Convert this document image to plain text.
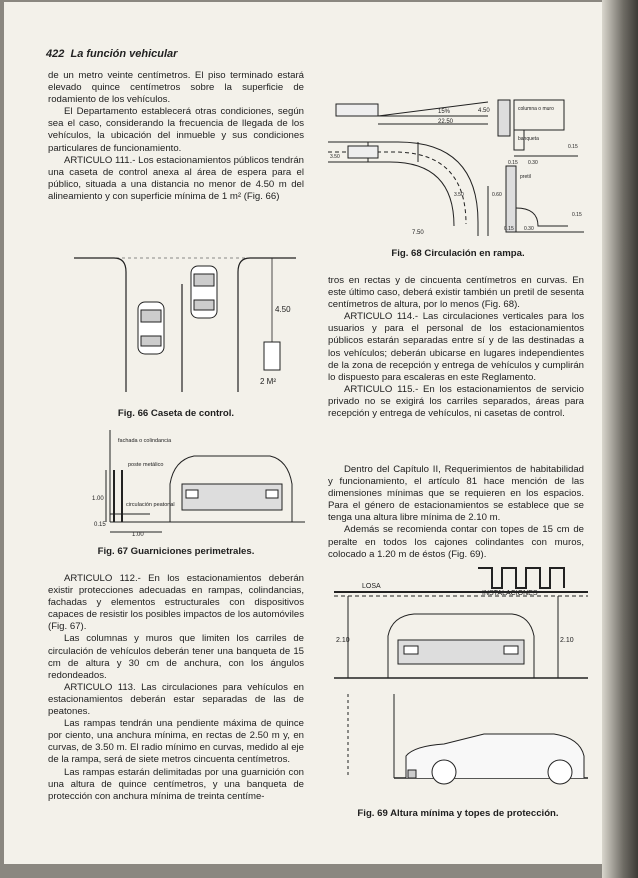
422 La función vehicular

de un metro veinte centímetros. El piso terminado estará elevado quince centímetros sobre la superficie de rodamiento de los vehículos.

El Departamento establecerá otras condiciones, según sea el caso, considerando la frecuencia de llegada de los vehículos, la ubicación del inmueble y sus condiciones particulares de funcionamiento.

ARTICULO 111.- Los estacionamientos públicos tendrán una caseta de control anexa al área de espera para el público, situada a una distancia no menor de 4.50 m del alineamiento y con superficie mínima de 1 m² (Fig. 66)

4.50
2 M²
Fig. 66 Caseta de control.
fachada o colindancia
poste metálico
1.00
circulación peatonal
1.00
0.15
Fig. 67 Guarniciones perimetrales.

ARTICULO 112.- En los estacionamientos deberán existir protecciones adecuadas en rampas, colindancias, fachadas y elementos estructurales con dispositivos capaces de resistir los posibles impactos de los automóviles (Fig. 67).

Las columnas y muros que limiten los carriles de circulación de vehículos deberán tener una banqueta de 15 cm de altura y 30 cm de anchura, con los ángulos redondeados.

ARTICULO 113. Las circulaciones para vehículos en estacionamientos deberán estar separadas de las de peatones.

Las rampas tendrán una pendiente máxima de quince por ciento, una anchura mínima, en rectas de 2.50 m y, en curvas, de 3.50 m. El radio mínimo en curvas, medido al eje de la rampa, será de siete metros cincuenta centímetros.

Las rampas estarán delimitadas por una guarnición con una altura de quince centímetros, y una banqueta de protección con anchura mínima de treinta centíme-

15%	4.50
22.50
columna o muro
banqueta
0.15
0.15 0.30
pretil
0.60
7.50
3.50
0.15
0.15 0.30
3.50
Fig. 68 Circulación en rampa.

tros en rectas y de cincuenta centímetros en curvas. En este último caso, deberá existir también un pretil de sesenta centímetros de altura, por lo menos (Fig. 68).

ARTICULO 114.- Las circulaciones verticales para los usuarios y para el personal de los estacionamientos públicos estarán separadas entre sí y de las destinadas a los vehículos; deberán ubicarse en lugares independientes de la zona de recepción y entrega de vehículos y cumplirán lo dispuesto para escaleras en este Reglamento.

ARTICULO 115.- En los estacionamientos de servicio privado no se exigirá los carriles separados, áreas para recepción y entrega de vehículos, ni casetas de control.

Dentro del Capítulo II, Requerimientos de habitabilidad y funcionamiento, el artículo 81 hace mención de las dimensiones mínimas que se requieren en los espacios. Para el género de estacionamientos se establece que se tenga una altura libre mínima de 2.10 m.

Además se recomienda contar con topes de 15 cm de peralte en todos los cajones colindantes con muros, colocado a 1.20 m de éstos (Fig. 69).

LOSA
INSTALACIONES
2.10	2.10
Fig. 69 Altura mínima y topes de protección.
